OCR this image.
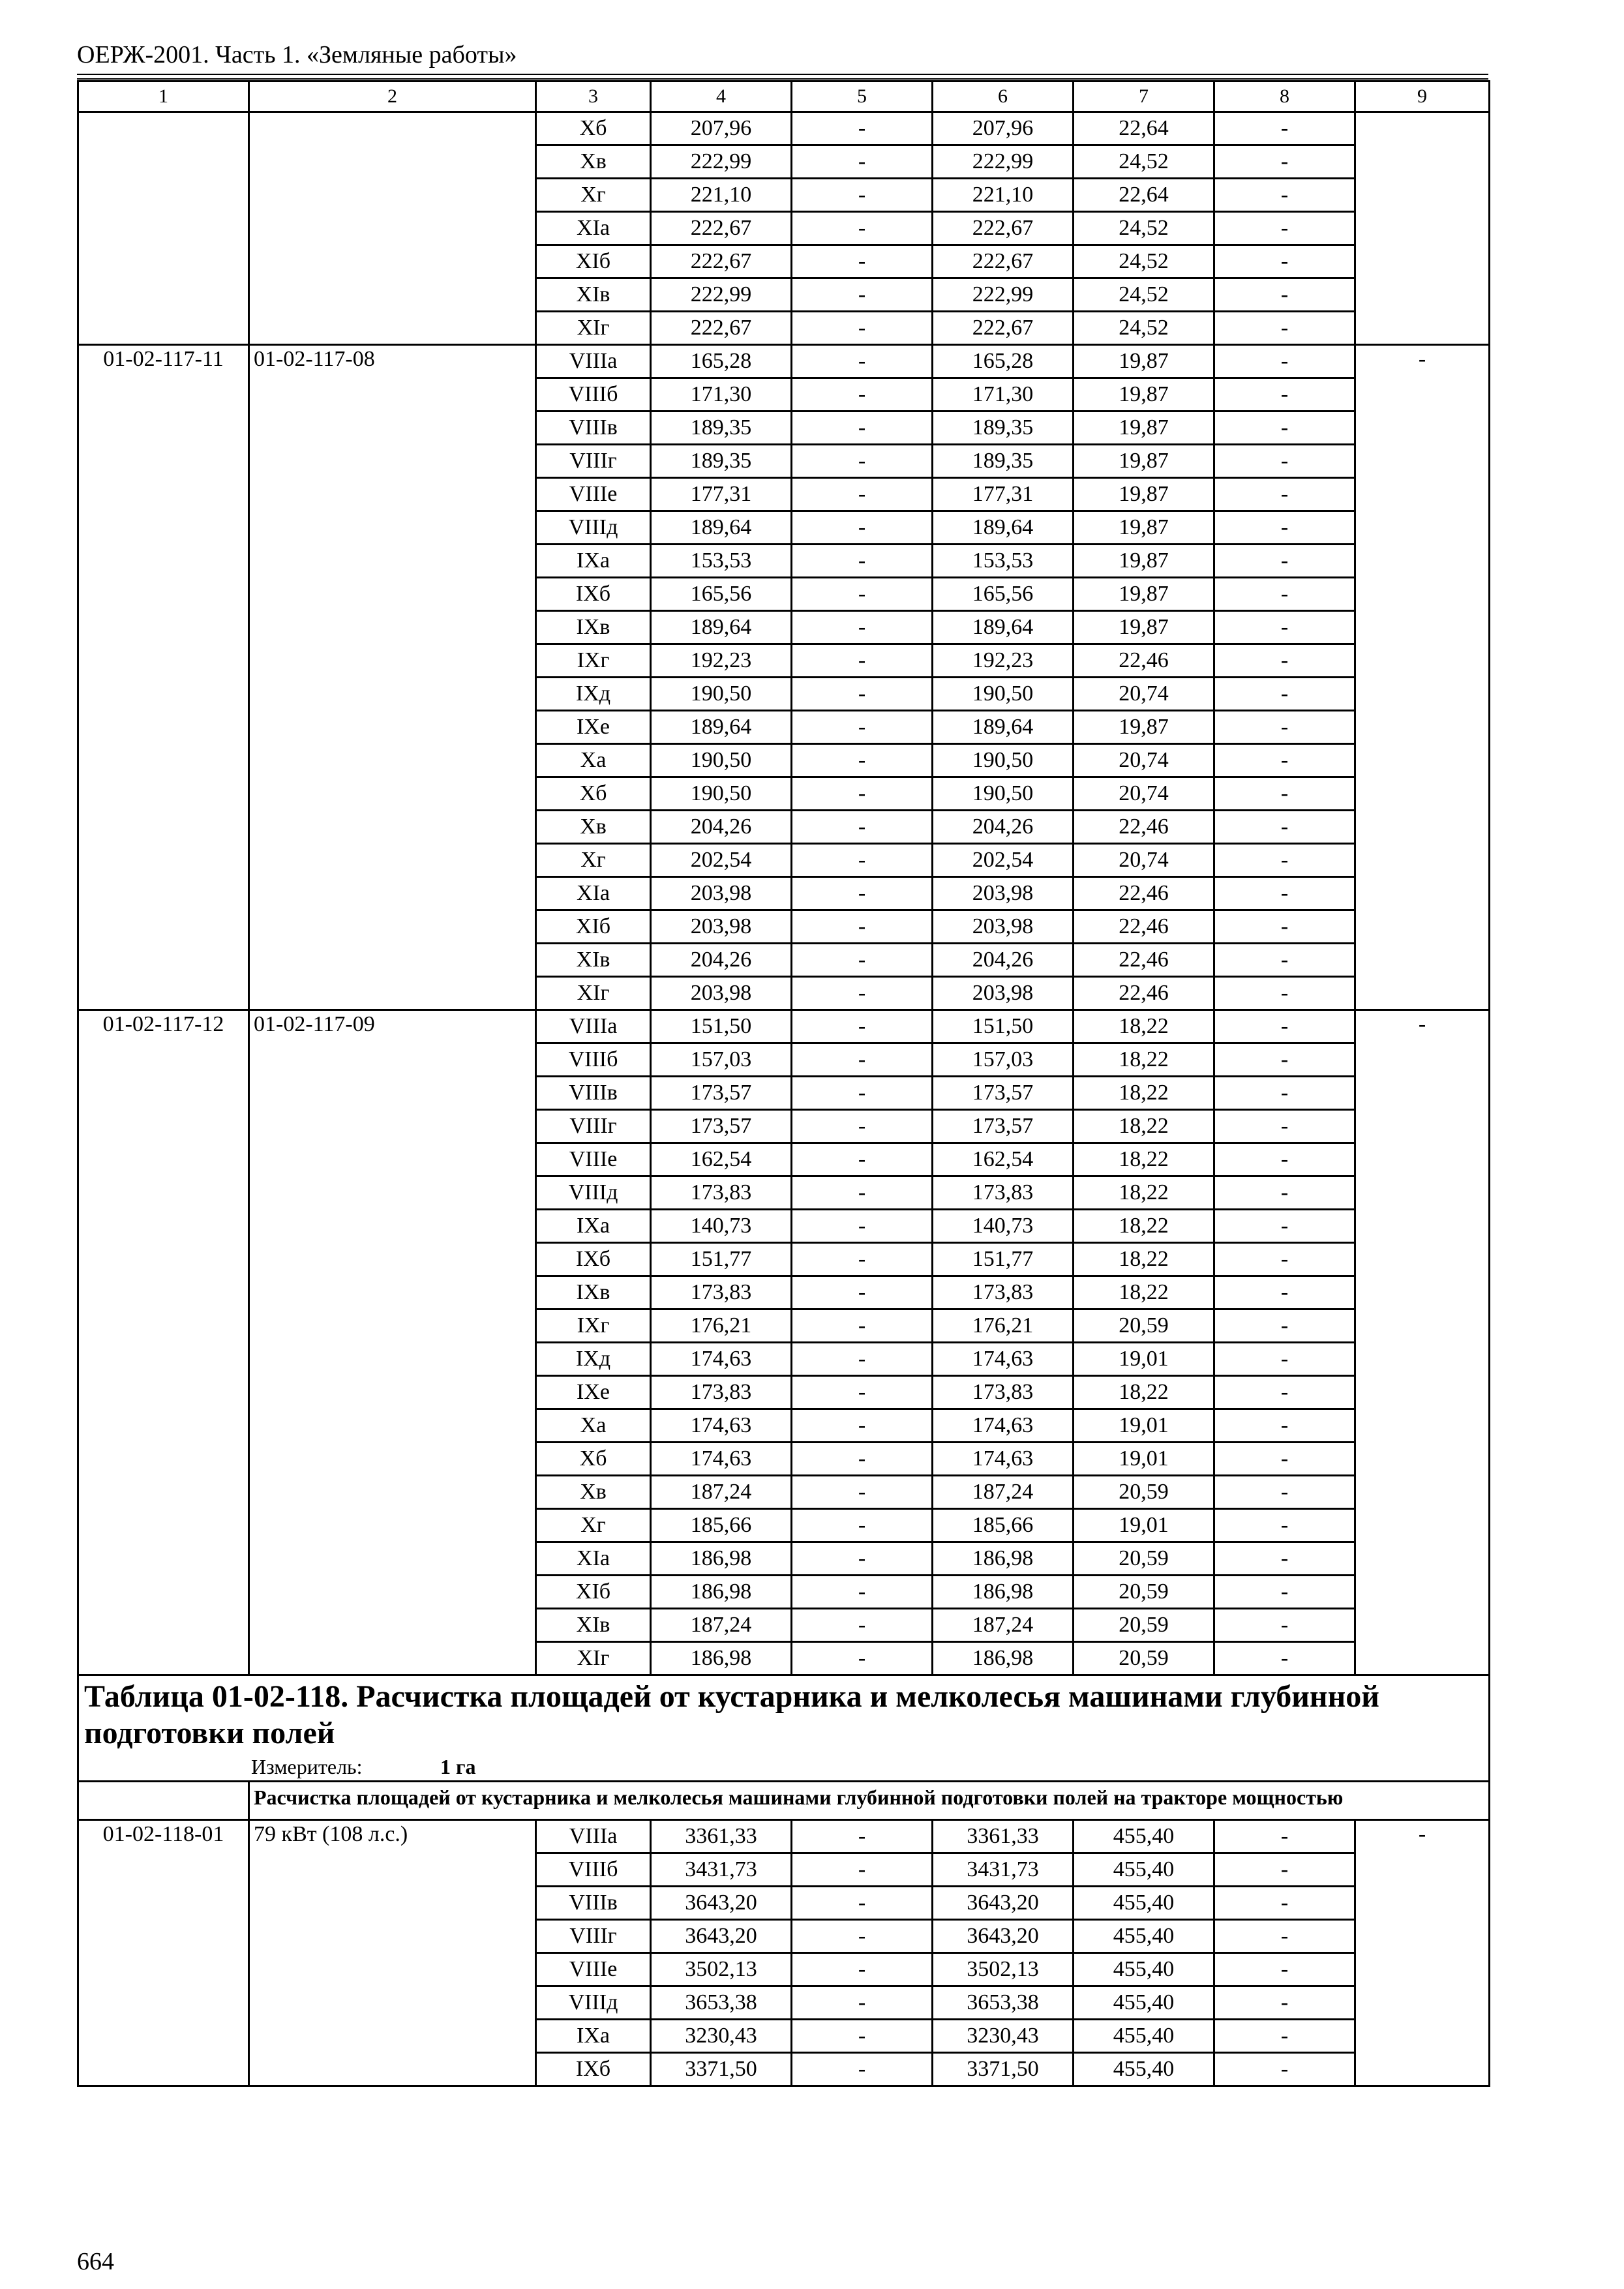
ОЕРЖ-2001. Часть 1. «Земляные работы»
1	2	3	4	5	6	7	8	9
		Xб	207,96	-	207,96	22,64	-	
		Xв	222,99	-	222,99	24,52	-	
		Xг	221,10	-	221,10	22,64	-	
		XIа	222,67	-	222,67	24,52	-	
		XIб	222,67	-	222,67	24,52	-	
		XIв	222,99	-	222,99	24,52	-	
		XIг	222,67	-	222,67	24,52	-	
01-02-117-11	01-02-117-08	VIIIа	165,28	-	165,28	19,87	-	-
		VIIIб	171,30	-	171,30	19,87	-	
		VIIIв	189,35	-	189,35	19,87	-	
		VIIIг	189,35	-	189,35	19,87	-	
		VIIIе	177,31	-	177,31	19,87	-	
		VIIIд	189,64	-	189,64	19,87	-	
		IXа	153,53	-	153,53	19,87	-	
		IXб	165,56	-	165,56	19,87	-	
		IXв	189,64	-	189,64	19,87	-	
		IXг	192,23	-	192,23	22,46	-	
		IXд	190,50	-	190,50	20,74	-	
		IXе	189,64	-	189,64	19,87	-	
		Xа	190,50	-	190,50	20,74	-	
		Xб	190,50	-	190,50	20,74	-	
		Xв	204,26	-	204,26	22,46	-	
		Xг	202,54	-	202,54	20,74	-	
		XIа	203,98	-	203,98	22,46	-	
		XIб	203,98	-	203,98	22,46	-	
		XIв	204,26	-	204,26	22,46	-	
		XIг	203,98	-	203,98	22,46	-	
01-02-117-12	01-02-117-09	VIIIа	151,50	-	151,50	18,22	-	-
		VIIIб	157,03	-	157,03	18,22	-	
		VIIIв	173,57	-	173,57	18,22	-	
		VIIIг	173,57	-	173,57	18,22	-	
		VIIIе	162,54	-	162,54	18,22	-	
		VIIIд	173,83	-	173,83	18,22	-	
		IXа	140,73	-	140,73	18,22	-	
		IXб	151,77	-	151,77	18,22	-	
		IXв	173,83	-	173,83	18,22	-	
		IXг	176,21	-	176,21	20,59	-	
		IXд	174,63	-	174,63	19,01	-	
		IXе	173,83	-	173,83	18,22	-	
		Xа	174,63	-	174,63	19,01	-	
		Xб	174,63	-	174,63	19,01	-	
		Xв	187,24	-	187,24	20,59	-	
		Xг	185,66	-	185,66	19,01	-	
		XIа	186,98	-	186,98	20,59	-	
		XIб	186,98	-	186,98	20,59	-	
		XIв	187,24	-	187,24	20,59	-	
		XIг	186,98	-	186,98	20,59	-	

Таблица 01-02-118. Расчистка площадей от кустарника и мелколесья машинами глубинной подготовки полей
Измеритель: 1 га								

	Расчистка площадей от кустарника и мелколесья машинами глубинной подготовки полей на тракторе мощностью							
01-02-118-01	79 кВт (108 л.с.)	VIIIа	3361,33	-	3361,33	455,40	-	-
		VIIIб	3431,73	-	3431,73	455,40	-	
		VIIIв	3643,20	-	3643,20	455,40	-	
		VIIIг	3643,20	-	3643,20	455,40	-	
		VIIIе	3502,13	-	3502,13	455,40	-	
		VIIIд	3653,38	-	3653,38	455,40	-	
		IXа	3230,43	-	3230,43	455,40	-	
		IXб	3371,50	-	3371,50	455,40	-	
664
